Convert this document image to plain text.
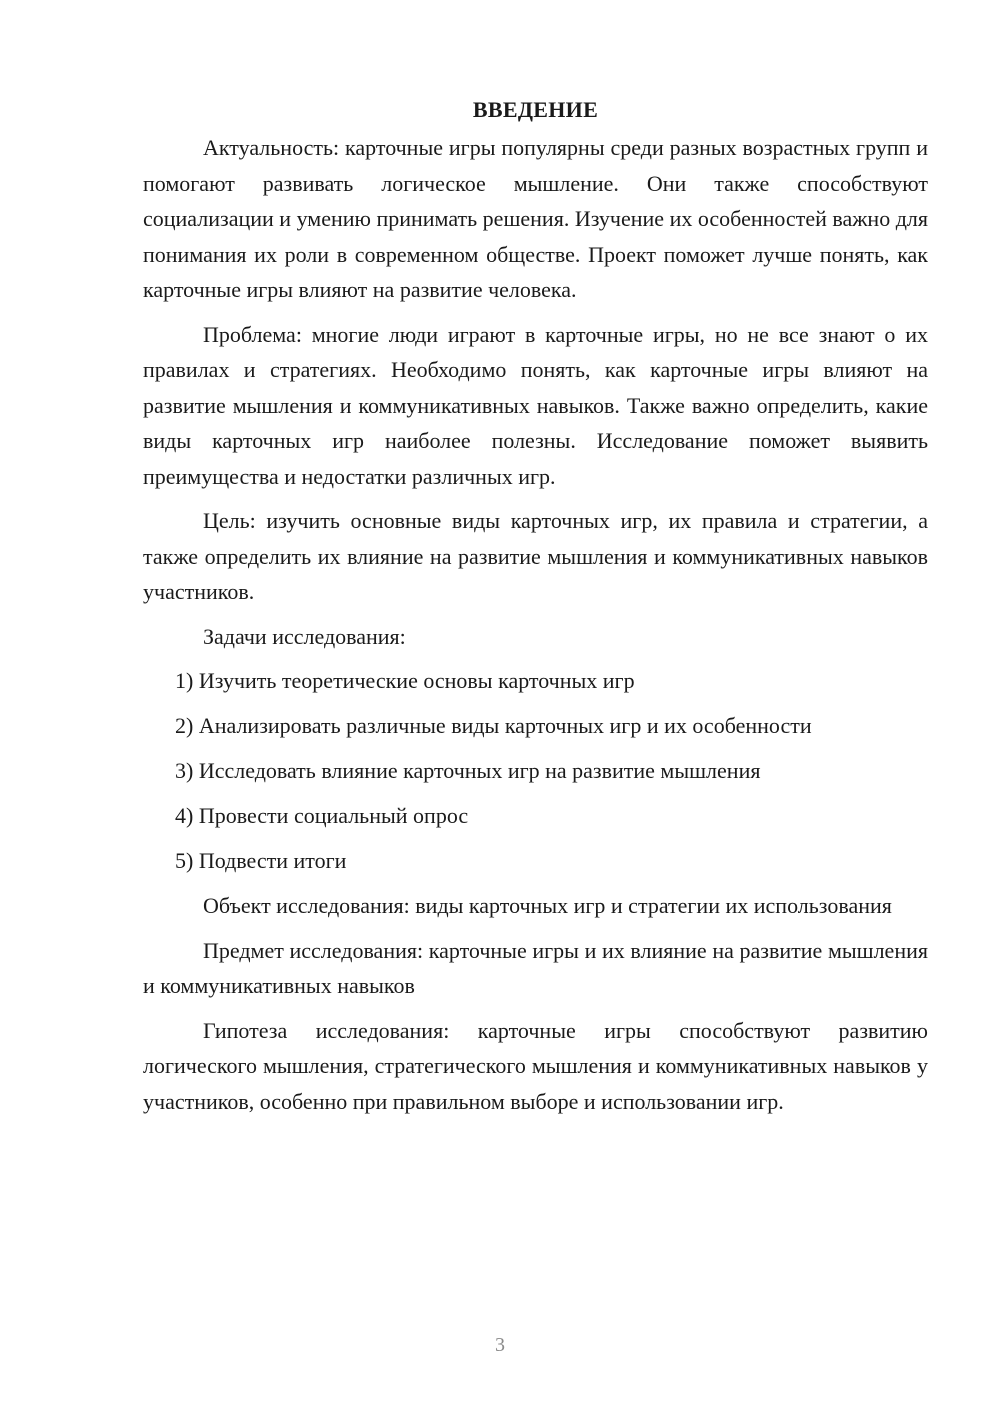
ВВЕДЕНИЕ

Актуальность: карточные игры популярны среди разных возрастных групп и помогают развивать логическое мышление. Они также способствуют социализации и умению принимать решения. Изучение их особенностей важно для понимания их роли в современном обществе. Проект поможет лучше понять, как карточные игры влияют на развитие человека.

Проблема: многие люди играют в карточные игры, но не все знают о их правилах и стратегиях. Необходимо понять, как карточные игры влияют на развитие мышления и коммуникативных навыков. Также важно определить, какие виды карточных игр наиболее полезны. Исследование поможет выявить преимущества и недостатки различных игр.

Цель: изучить основные виды карточных игр, их правила и стратегии, а также определить их влияние на развитие мышления и коммуникативных навыков участников.

Задачи исследования:

1) Изучить теоретические основы карточных игр
2) Анализировать различные виды карточных игр и их особенности
3) Исследовать влияние карточных игр на развитие мышления
4) Провести социальный опрос
5) Подвести итоги

Объект исследования: виды карточных игр и стратегии их использования

Предмет исследования: карточные игры и их влияние на развитие мышления и коммуникативных навыков

Гипотеза исследования: карточные игры способствуют развитию логического мышления, стратегического мышления и коммуникативных навыков у участников, особенно при правильном выборе и использовании игр.

3
